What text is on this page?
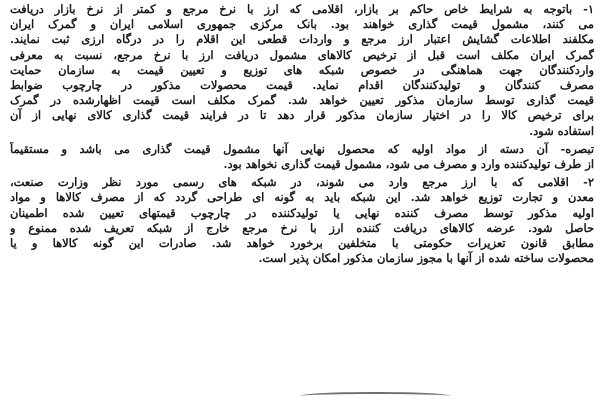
۱- باتوجه به شرایط خاص حاکم بر بازار، اقلامی که ارز با نرخ مرجع و کمتر از نرخ بازار دریافت
می کنند، مشمول قیمت گذاری خواهند بود. بانک مرکزی جمهوری اسلامی ایران و گمرک ایران
مکلفند اطلاعات گشایش اعتبار ارز مرجع و واردات قطعی این اقلام را در درگاه ارزی ثبت نمایند.
گمرک ایران مکلف است قبل از ترخیص کالاهای مشمول دریافت ارز با نرخ مرجع، نسبت به معرفی
واردکنندگان جهت هماهنگی در خصوص شبکه های توزیع و تعیین قیمت به سازمان حمایت
مصرف کنندگان و تولیدکنندگان اقدام نماید. قیمت محصولات مذکور در چارچوب ضوابط
قیمت گذاری توسط سازمان مذکور تعیین خواهد شد. گمرک مکلف است قیمت اظهارشده در گمرک
برای ترخیص کالا را در اختیار سازمان مذکور قرار دهد تا در فرایند قیمت گذاری کالای نهایی از آن
استفاده شود.
تبصره- آن دسته از مواد اولیه که محصول نهایی آنها مشمول قیمت گذاری می باشد و مستقیماً
از طرف تولیدکننده وارد و مصرف می شود، مشمول قیمت گذاری نخواهد بود.
۲- اقلامی که با ارز مرجع وارد می شوند، در شبکه های رسمی مورد نظر وزارت صنعت،
معدن و تجارت توزیع خواهد شد. این شبکه باید به گونه ای طراحی گردد که از مصرف کالاها و مواد
اولیه مذکور توسط مصرف کننده نهایی یا تولیدکننده در چارچوب قیمتهای تعیین شده اطمینان
حاصل شود. عرضه کالاهای دریافت کننده ارز با نرخ مرجع خارج از شبکه تعریف شده ممنوع و
مطابق قانون تعزیرات حکومتی با متخلفین برخورد خواهد شد. صادرات این گونه کالاها و یا
محصولات ساخته شده از آنها با مجوز سازمان مذکور امکان پذیر است.
